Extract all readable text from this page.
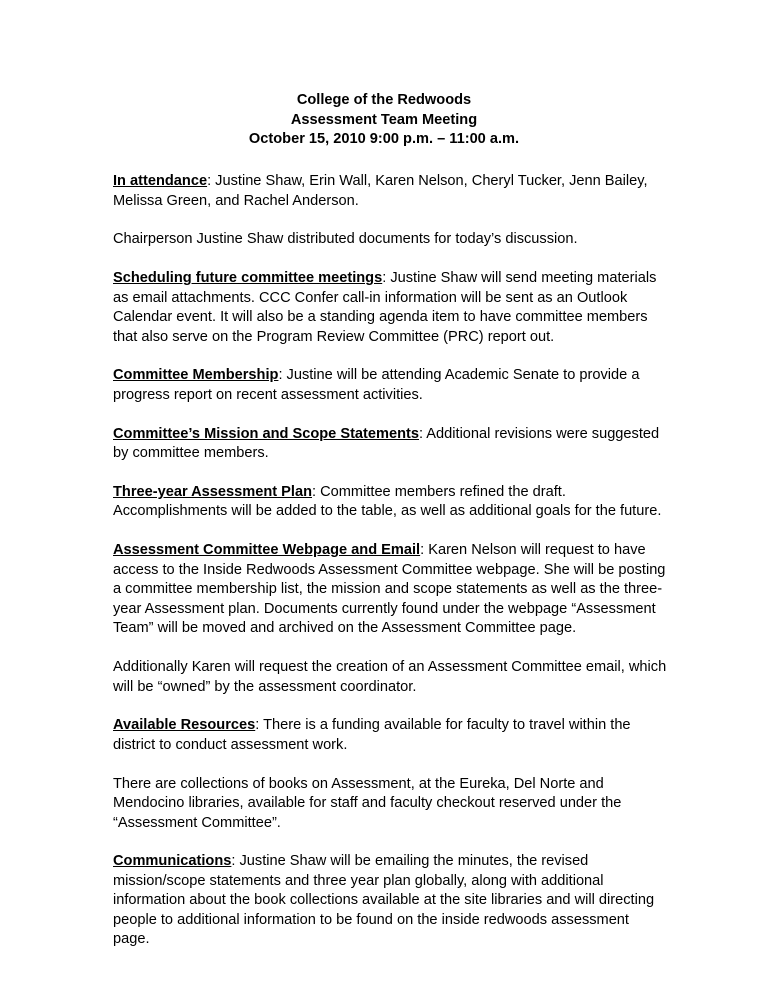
College of the Redwoods
Assessment Team Meeting
October 15, 2010 9:00 p.m. – 11:00 a.m.

In attendance: Justine Shaw, Erin Wall, Karen Nelson, Cheryl Tucker, Jenn Bailey, Melissa Green, and Rachel Anderson.

Chairperson Justine Shaw distributed documents for today’s discussion.

Scheduling future committee meetings: Justine Shaw will send meeting materials as email attachments. CCC Confer call-in information will be sent as an Outlook Calendar event. It will also be a standing agenda item to have committee members that also serve on the Program Review Committee (PRC) report out.

Committee Membership: Justine will be attending Academic Senate to provide a progress report on recent assessment activities.

Committee’s Mission and Scope Statements: Additional revisions were suggested by committee members.

Three-year Assessment Plan: Committee members refined the draft. Accomplishments will be added to the table, as well as additional goals for the future.

Assessment Committee Webpage and Email: Karen Nelson will request to have access to the Inside Redwoods Assessment Committee webpage. She will be posting a committee membership list, the mission and scope statements as well as the three-year Assessment plan. Documents currently found under the webpage “Assessment Team” will be moved and archived on the Assessment Committee page.

Additionally Karen will request the creation of an Assessment Committee email, which will be “owned” by the assessment coordinator.

Available Resources: There is a funding available for faculty to travel within the district to conduct assessment work.

There are collections of books on Assessment, at the Eureka, Del Norte and Mendocino libraries, available for staff and faculty checkout reserved under the “Assessment Committee”.

Communications: Justine Shaw will be emailing the minutes, the revised mission/scope statements and three year plan globally, along with additional information about the book collections available at the site libraries and will directing people to additional information to be found on the inside redwoods assessment page.
